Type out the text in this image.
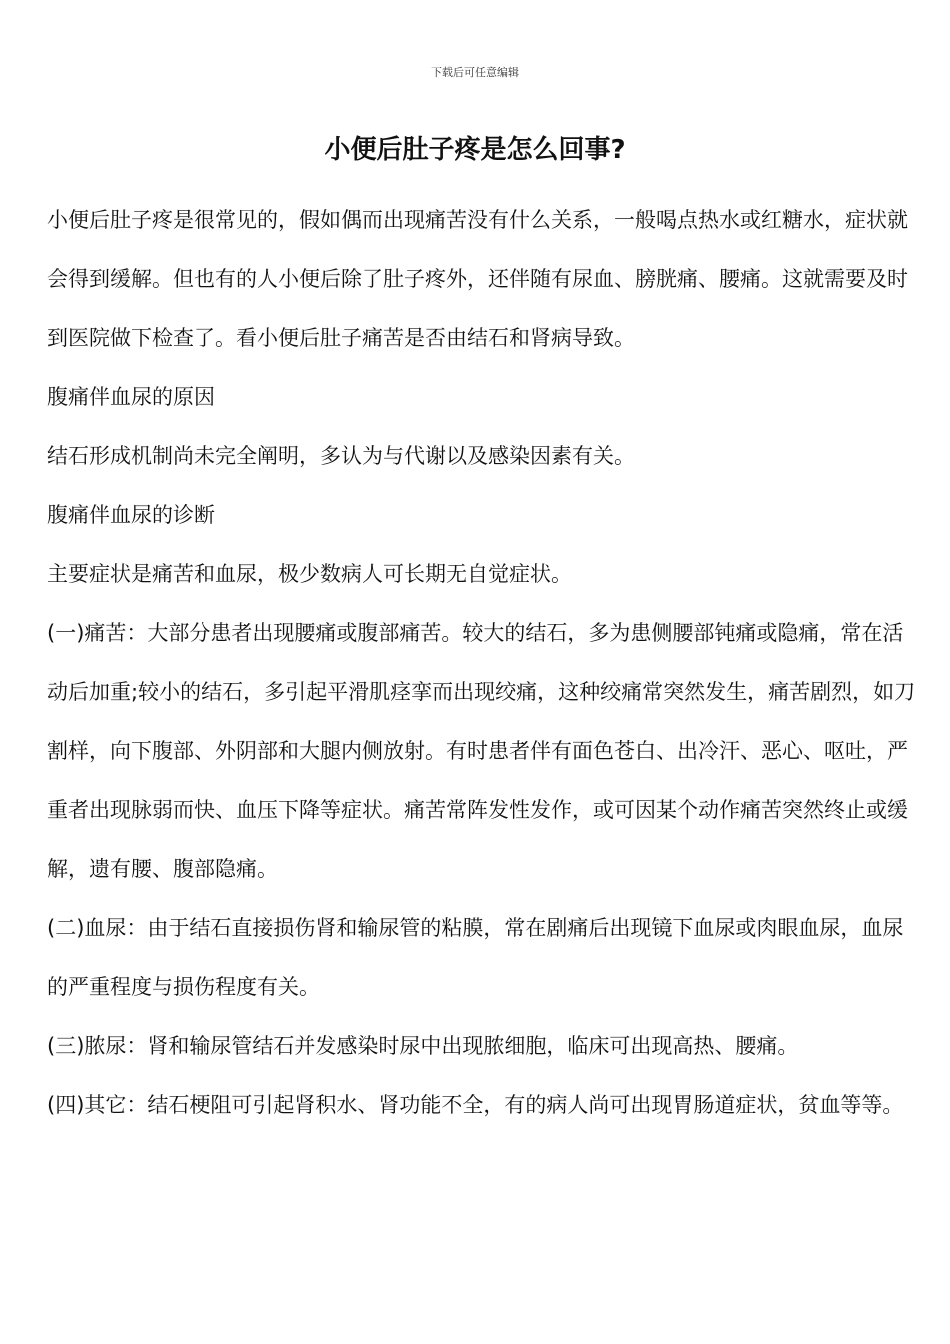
下载后可任意编辑
小便后肚子疼是怎么回事?

小便后肚子疼是很常见的，假如偶而出现痛苦没有什么关系，一般喝点热水或红糖水，症状就会得到缓解。但也有的人小便后除了肚子疼外，还伴随有尿血、膀胱痛、腰痛。这就需要及时到医院做下检查了。看小便后肚子痛苦是否由结石和肾病导致。

腹痛伴血尿的原因

结石形成机制尚未完全阐明，多认为与代谢以及感染因素有关。

腹痛伴血尿的诊断

主要症状是痛苦和血尿，极少数病人可长期无自觉症状。

(一)痛苦：大部分患者出现腰痛或腹部痛苦。较大的结石，多为患侧腰部钝痛或隐痛，常在活动后加重;较小的结石，多引起平滑肌痉挛而出现绞痛，这种绞痛常突然发生，痛苦剧烈，如刀割样，向下腹部、外阴部和大腿内侧放射。有时患者伴有面色苍白、出冷汗、恶心、呕吐，严重者出现脉弱而快、血压下降等症状。痛苦常阵发性发作，或可因某个动作痛苦突然终止或缓解，遗有腰、腹部隐痛。

(二)血尿：由于结石直接损伤肾和输尿管的粘膜，常在剧痛后出现镜下血尿或肉眼血尿，血尿的严重程度与损伤程度有关。

(三)脓尿：肾和输尿管结石并发感染时尿中出现脓细胞，临床可出现高热、腰痛。

(四)其它：结石梗阻可引起肾积水、肾功能不全，有的病人尚可出现胃肠道症状，贫血等等。
